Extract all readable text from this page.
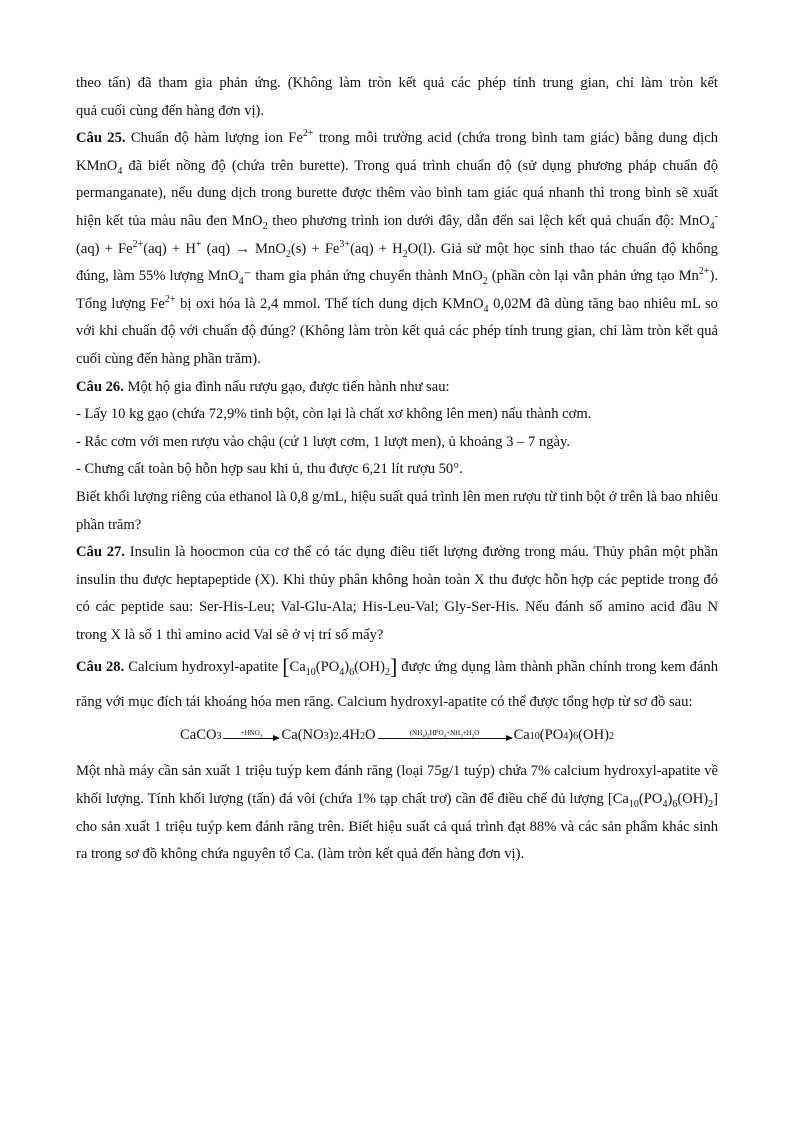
theo tấn) đã tham gia phản ứng. (Không làm tròn kết quả các phép tính trung gian, chỉ làm tròn kết

quả cuối cùng đến hàng đơn vị).

Câu 25. Chuẩn độ hàm lượng ion $Fe^{2+}$ trong môi trường acid (chứa trong bình tam giác) bằng dung dịch KMnO$_4$ đã biết nồng độ (chứa trên burette). Trong quá trình chuẩn độ (sử dụng phương pháp chuẩn độ permanganate), nếu dung dịch trong burette được thêm vào bình tam giác quá nhanh thì trong bình sẽ xuất hiện kết tủa màu nâu đen MnO$_2$ theo phương trình ion dưới đây, dẫn đến sai lệch kết quả chuẩn độ: $MnO_4^-(aq) + Fe^{2+}(aq) + H^+$ $(aq) \to MnO_2(s) + Fe^{3+}(aq) + H_2O(l)$. Giả sử một học sinh thao tác chuẩn độ không đúng, làm 55% lượng MnO$_4$⁻ tham gia phản ứng chuyển thành MnO$_2$ (phần còn lại vẫn phản ứng tạo $Mn^{2+}$). Tổng lượng $Fe^{2+}$ bị oxi hóa là 2,4 mmol. Thể tích dung dịch KMnO$_4$ 0,02M đã dùng tăng bao nhiêu mL so với khi chuẩn độ với chuẩn độ đúng? (Không làm tròn kết quả các phép tính trung gian, chỉ làm tròn kết quả cuối cùng đến hàng phần trăm).

Câu 26. Một hộ gia đình nấu rượu gạo, được tiến hành như sau:

- Lấy 10 kg gạo (chứa 72,9% tinh bột, còn lại là chất xơ không lên men) nấu thành cơm.

- Rắc cơm với men rượu vào chậu (cứ 1 lượt cơm, 1 lượt men), ủ khoảng 3 – 7 ngày.

- Chưng cất toàn bộ hỗn hợp sau khi ủ, thu được 6,21 lít rượu 50°.

Biết khối lượng riêng của ethanol là 0,8 g/mL, hiệu suất quá trình lên men rượu từ tinh bột ở trên là bao nhiêu phần trăm?

Câu 27. Insulin là hoocmon của cơ thể có tác dụng điều tiết lượng đường trong máu. Thủy phân một phần insulin thu được heptapeptide (X). Khi thủy phân không hoàn toàn X thu được hỗn hợp các peptide trong đó có các peptide sau: Ser-His-Leu; Val-Glu-Ala; His-Leu-Val; Gly-Ser-His. Nếu đánh số amino acid đầu N trong X là số 1 thì amino acid Val sẽ ở vị trí số mấy?

Câu 28. Calcium hydroxyl-apatite $[Ca_{10}(PO_4)_6(OH)_2]$ được ứng dụng làm thành phần chính trong kem đánh răng với mục đích tái khoáng hóa men răng. Calcium hydroxyl-apatite có thể được tổng hợp từ sơ đồ sau:

CaCO 3	+HNO Ca(NO 3 ) 2 .4H 2 O	(NH ) HPO +NH +H O Ca 10 (PO 4 ) 6 (OH) 2

Một nhà máy cần sản xuất 1 triệu tuýp kem đánh răng (loại 75g/1 tuýp) chứa 7% calcium hydroxyl-apatite về khối lượng. Tính khối lượng (tấn) đá vôi (chứa 1% tạp chất trơ) cần để điều chế đủ lượng $[Ca_{10}(PO_4)_6(OH)_2]$ cho sản xuất 1 triệu tuýp kem đánh răng trên. Biết hiệu suất cả quá trình đạt 88% và các sản phẩm khác sinh ra trong sơ đồ không chứa nguyên tố Ca. (làm tròn kết quả đến hàng đơn vị).
